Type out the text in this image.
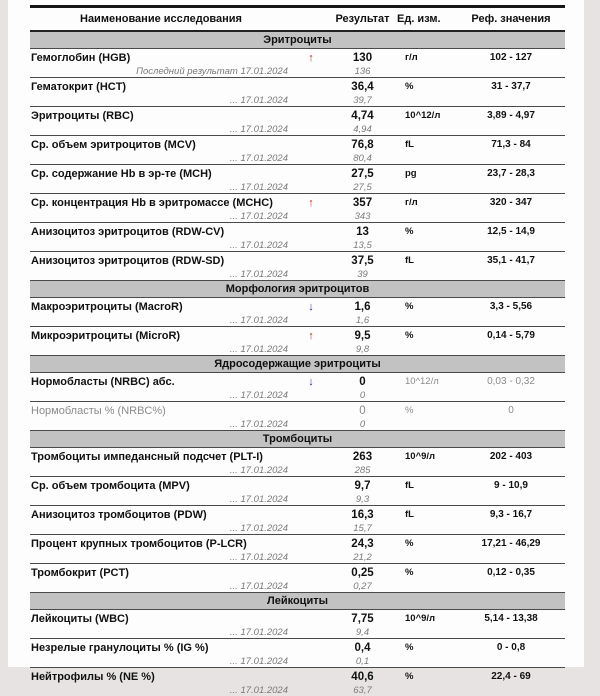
Наименование исследования	Результат Ед. изм.	Реф. значения
Эритроциты
Гемоглобин (HGB)	↑	130	г/л	102 - 127
Последний результат 17.01.2024	136
Гематокрит (HCT)	36,4	%	31 - 37,7
... 17.01.2024	39,7
Эритроциты (RBC)	4,74	10^12/л	3,89 - 4,97
... 17.01.2024	4,94
Ср. объем эритроцитов (MCV)	76,8	fL	71,3 - 84
... 17.01.2024	80,4
Ср. содержание Hb в эр-те (MCH)	27,5	pg	23,7 - 28,3
... 17.01.2024	27,5
Ср. концентрация Hb в эритромассе (MCHC)	↑	357	г/л	320 - 347
... 17.01.2024	343
Анизоцитоз эритроцитов (RDW-CV)	13	%	12,5 - 14,9
... 17.01.2024	13,5
Анизоцитоз эритроцитов (RDW-SD)	37,5	fL	35,1 - 41,7
... 17.01.2024	39
Морфология эритроцитов
Макроэритроциты (MacroR)	↓	1,6	%	3,3 - 5,56
... 17.01.2024	1,6
Микроэритроциты (MicroR)	↑	9,5	%	0,14 - 5,79
... 17.01.2024	9,8
Ядросодержащие эритроциты
Нормобласты (NRBC) абс.	↓	0	10^12/л	0,03 - 0,32
... 17.01.2024	0
Нормобласты % (NRBC%)	0	%	0
... 17.01.2024	0
Тромбоциты
Тромбоциты импедансный подсчет (PLT-I)	263	10^9/л	202 - 403
... 17.01.2024	285
Ср. объем тромбоцита (MPV)	9,7	fL	9 - 10,9
... 17.01.2024	9,3
Анизоцитоз тромбоцитов (PDW)	16,3	fL	9,3 - 16,7
... 17.01.2024	15,7
Процент крупных тромбоцитов (P-LCR)	24,3	%	17,21 - 46,29
... 17.01.2024	21,2
Тромбокрит (PCT)	0,25	%	0,12 - 0,35
... 17.01.2024	0,27
Лейкоциты
Лейкоциты (WBC)	7,75	10^9/л	5,14 - 13,38
... 17.01.2024	9,4
Незрелые гранулоциты % (IG %)	0,4	%	0 - 0,8
... 17.01.2024	0,1
Нейтрофилы % (NE %)	40,6	%	22,4 - 69
... 17.01.2024	63,7
